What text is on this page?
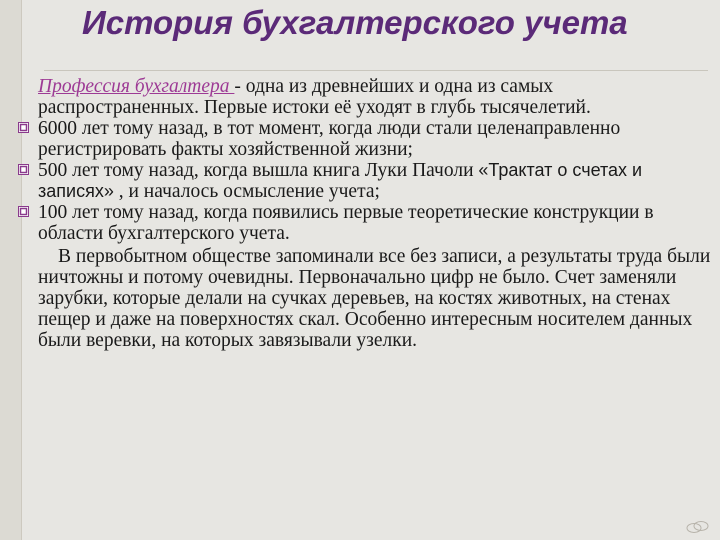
История бухгалтерского учета

Профессия бухгалтера - одна из древнейших и одна из самых распространенных. Первые истоки её уходят в глубь тысячелетий.

6000 лет тому назад, в тот момент, когда люди стали целенаправленно регистрировать факты хозяйственной жизни;

500 лет тому назад, когда вышла книга Луки Пачоли «Трактат о счетах и записях» , и началось осмысление учета;

100 лет тому назад, когда появились первые теоретические конструкции в области бухгалтерского учета.

В первобытном обществе запоминали все без записи, а результаты труда были ничтожны и потому очевидны. Первоначально цифр не было. Счет заменяли зарубки, которые делали на сучках деревьев, на костях животных, на стенах пещер и даже на поверхностях скал. Особенно интересным носителем данных были веревки, на которых завязывали узелки.
